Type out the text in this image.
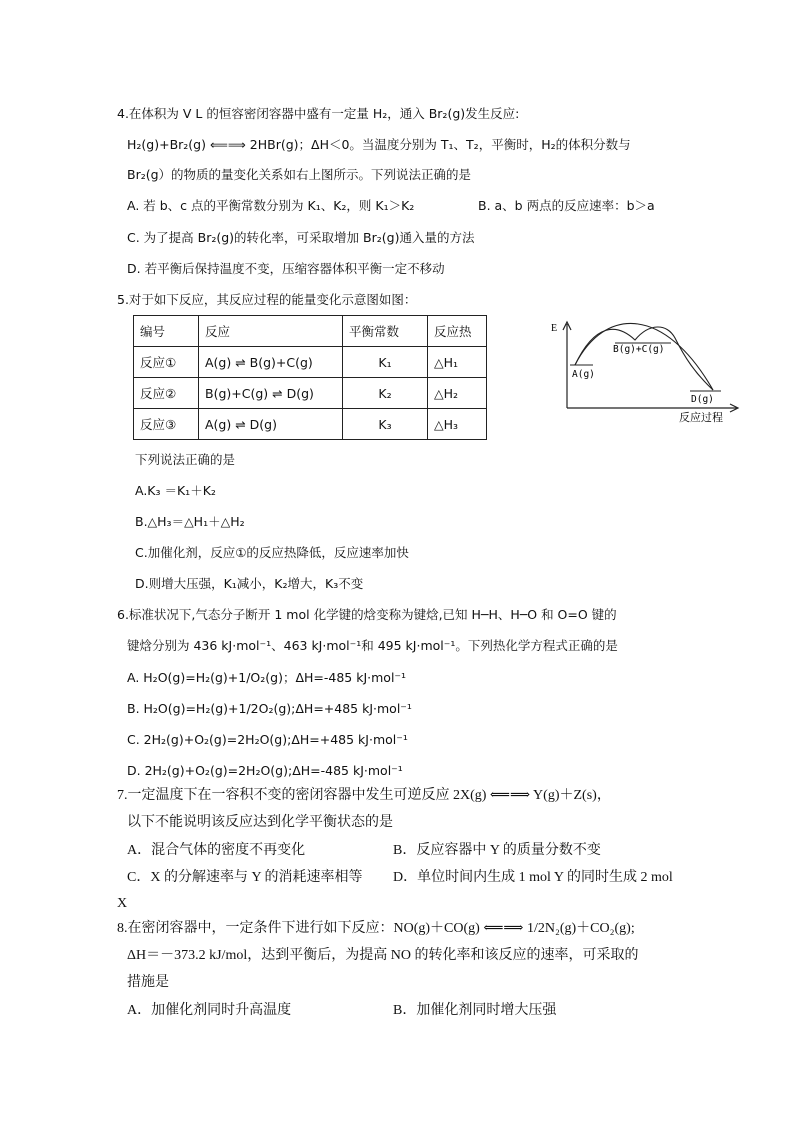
4.在体积为 V L 的恒容密闭容器中盛有一定量 H₂，通入 Br₂(g)发生反应:
H₂(g)+Br₂(g) ⟸⟹ 2HBr(g)；ΔH＜0。当温度分别为 T₁、T₂，平衡时，H₂的体积分数与
Br₂(g）的物质的量变化关系如右上图所示。下列说法正确的是
A. 若 b、c 点的平衡常数分别为 K₁、K₂，则 K₁＞K₂	B. a、b 两点的反应速率：b＞a
C. 为了提高 Br₂(g)的转化率，可采取增加 Br₂(g)通入量的方法
D. 若平衡后保持温度不变，压缩容器体积平衡一定不移动
5.对于如下反应，其反应过程的能量变化示意图如图：
编号	反应	平衡常数	反应热
反应①	A(g) ⇌ B(g)+C(g)	K₁	△H₁
反应②	B(g)+C(g) ⇌ D(g)	K₂	△H₂
反应③	A(g) ⇌ D(g)	K₃	△H₃
E
反应过程
A(g)
B(g)+C(g)
D(g)
下列说法正确的是
A.K₃ ＝K₁＋K₂
B.△H₃＝△H₁＋△H₂
C.加催化剂，反应①的反应热降低，反应速率加快
D.则增大压强，K₁减小，K₂增大，K₃不变
6.标准状况下,气态分子断开 1 mol 化学键的焓变称为键焓,已知 H─H、H─O 和 O=O 键的
键焓分别为 436 kJ·mol⁻¹、463 kJ·mol⁻¹和 495 kJ·mol⁻¹。下列热化学方程式正确的是
A. H₂O(g)=H₂(g)+1/O₂(g)；ΔH=-485 kJ·mol⁻¹
B. H₂O(g)=H₂(g)+1/2O₂(g);ΔH=+485 kJ·mol⁻¹
C. 2H₂(g)+O₂(g)=2H₂O(g);ΔH=+485 kJ·mol⁻¹
D. 2H₂(g)+O₂(g)=2H₂O(g);ΔH=-485 kJ·mol⁻¹
7.一定温度下在一容积不变的密闭容器中发生可逆反应 2X(g) ⟸⟹ Y(g)＋Z(s)，
以下不能说明该反应达到化学平衡状态的是
A．混合气体的密度不再变化	B．反应容器中 Y 的质量分数不变
C．X 的分解速率与 Y 的消耗速率相等 D．单位时间内生成 1 mol Y 的同时生成 2 mol
X
8.在密闭容器中，一定条件下进行如下反应：NO(g)＋CO(g) ⟸⟹ 1/2N₂(g)＋CO₂(g);
ΔH＝－373.2 kJ/mol，达到平衡后，为提高 NO 的转化率和该反应的速率，可采取的
措施是
A．加催化剂同时升高温度	B．加催化剂同时增大压强
